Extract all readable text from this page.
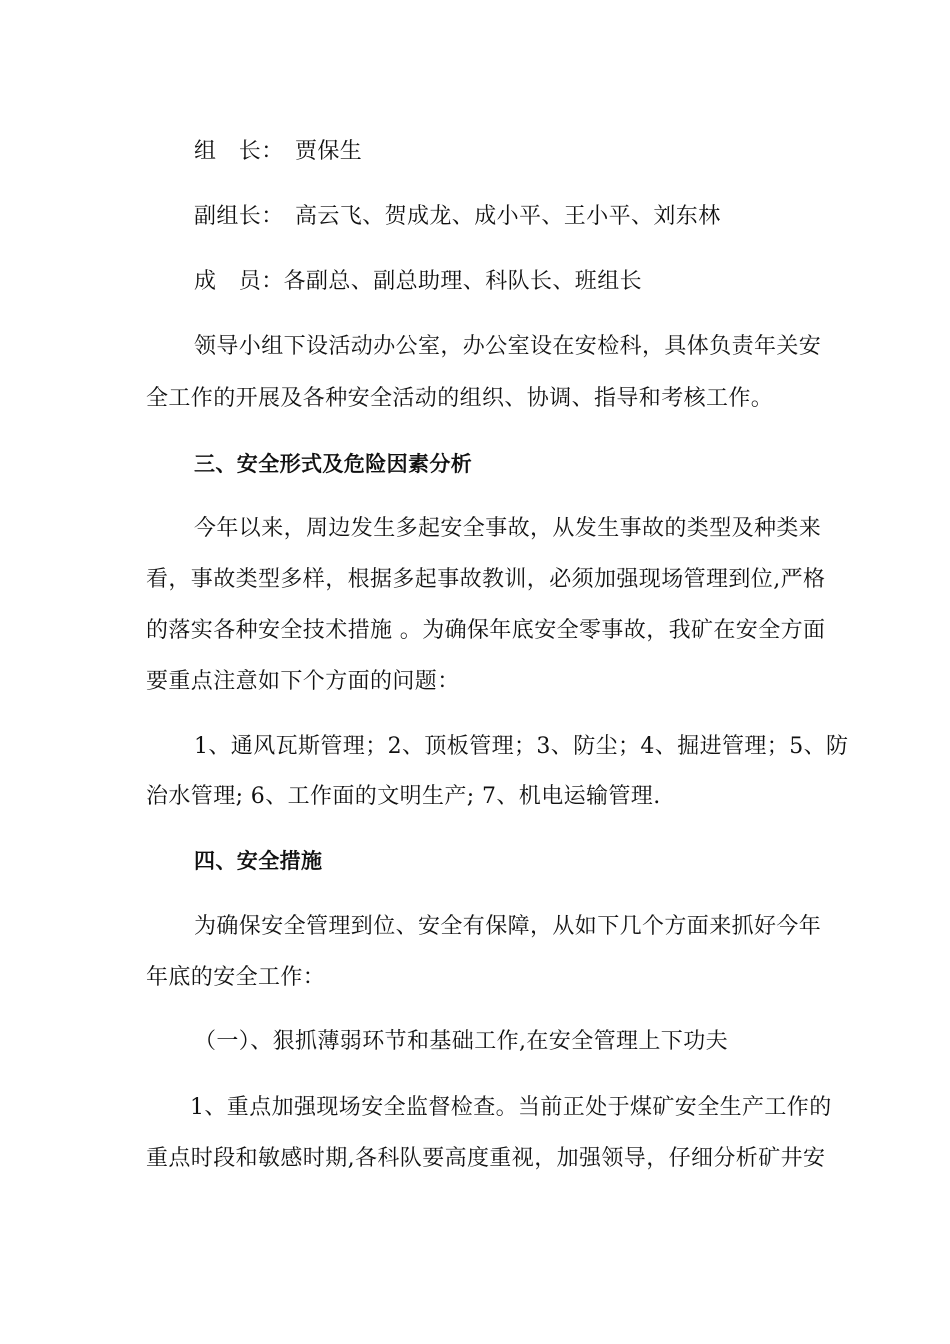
组　长：　贾保生
副组长：　高云飞、贺成龙、成小平、王小平、刘东林
成　员：各副总、副总助理、科队长、班组长
领导小组下设活动办公室，办公室设在安检科，具体负责年关安
全工作的开展及各种安全活动的组织、协调、指导和考核工作。
三、安全形式及危险因素分析
今年以来，周边发生多起安全事故，从发生事故的类型及种类来
看，事故类型多样，根据多起事故教训，必须加强现场管理到位,严格
的落实各种安全技术措施 。为确保年底安全零事故，我矿在安全方面
要重点注意如下个方面的问题：
1、通风瓦斯管理；2、顶板管理；3、防尘；4、掘进管理；5、防
治水管理; 6、工作面的文明生产; 7、机电运输管理.
四、安全措施
为确保安全管理到位、安全有保障，从如下几个方面来抓好今年
年底的安全工作：
（一）、狠抓薄弱环节和基础工作,在安全管理上下功夫
1、重点加强现场安全监督检查。当前正处于煤矿安全生产工作的
重点时段和敏感时期,各科队要高度重视，加强领导，仔细分析矿井安
